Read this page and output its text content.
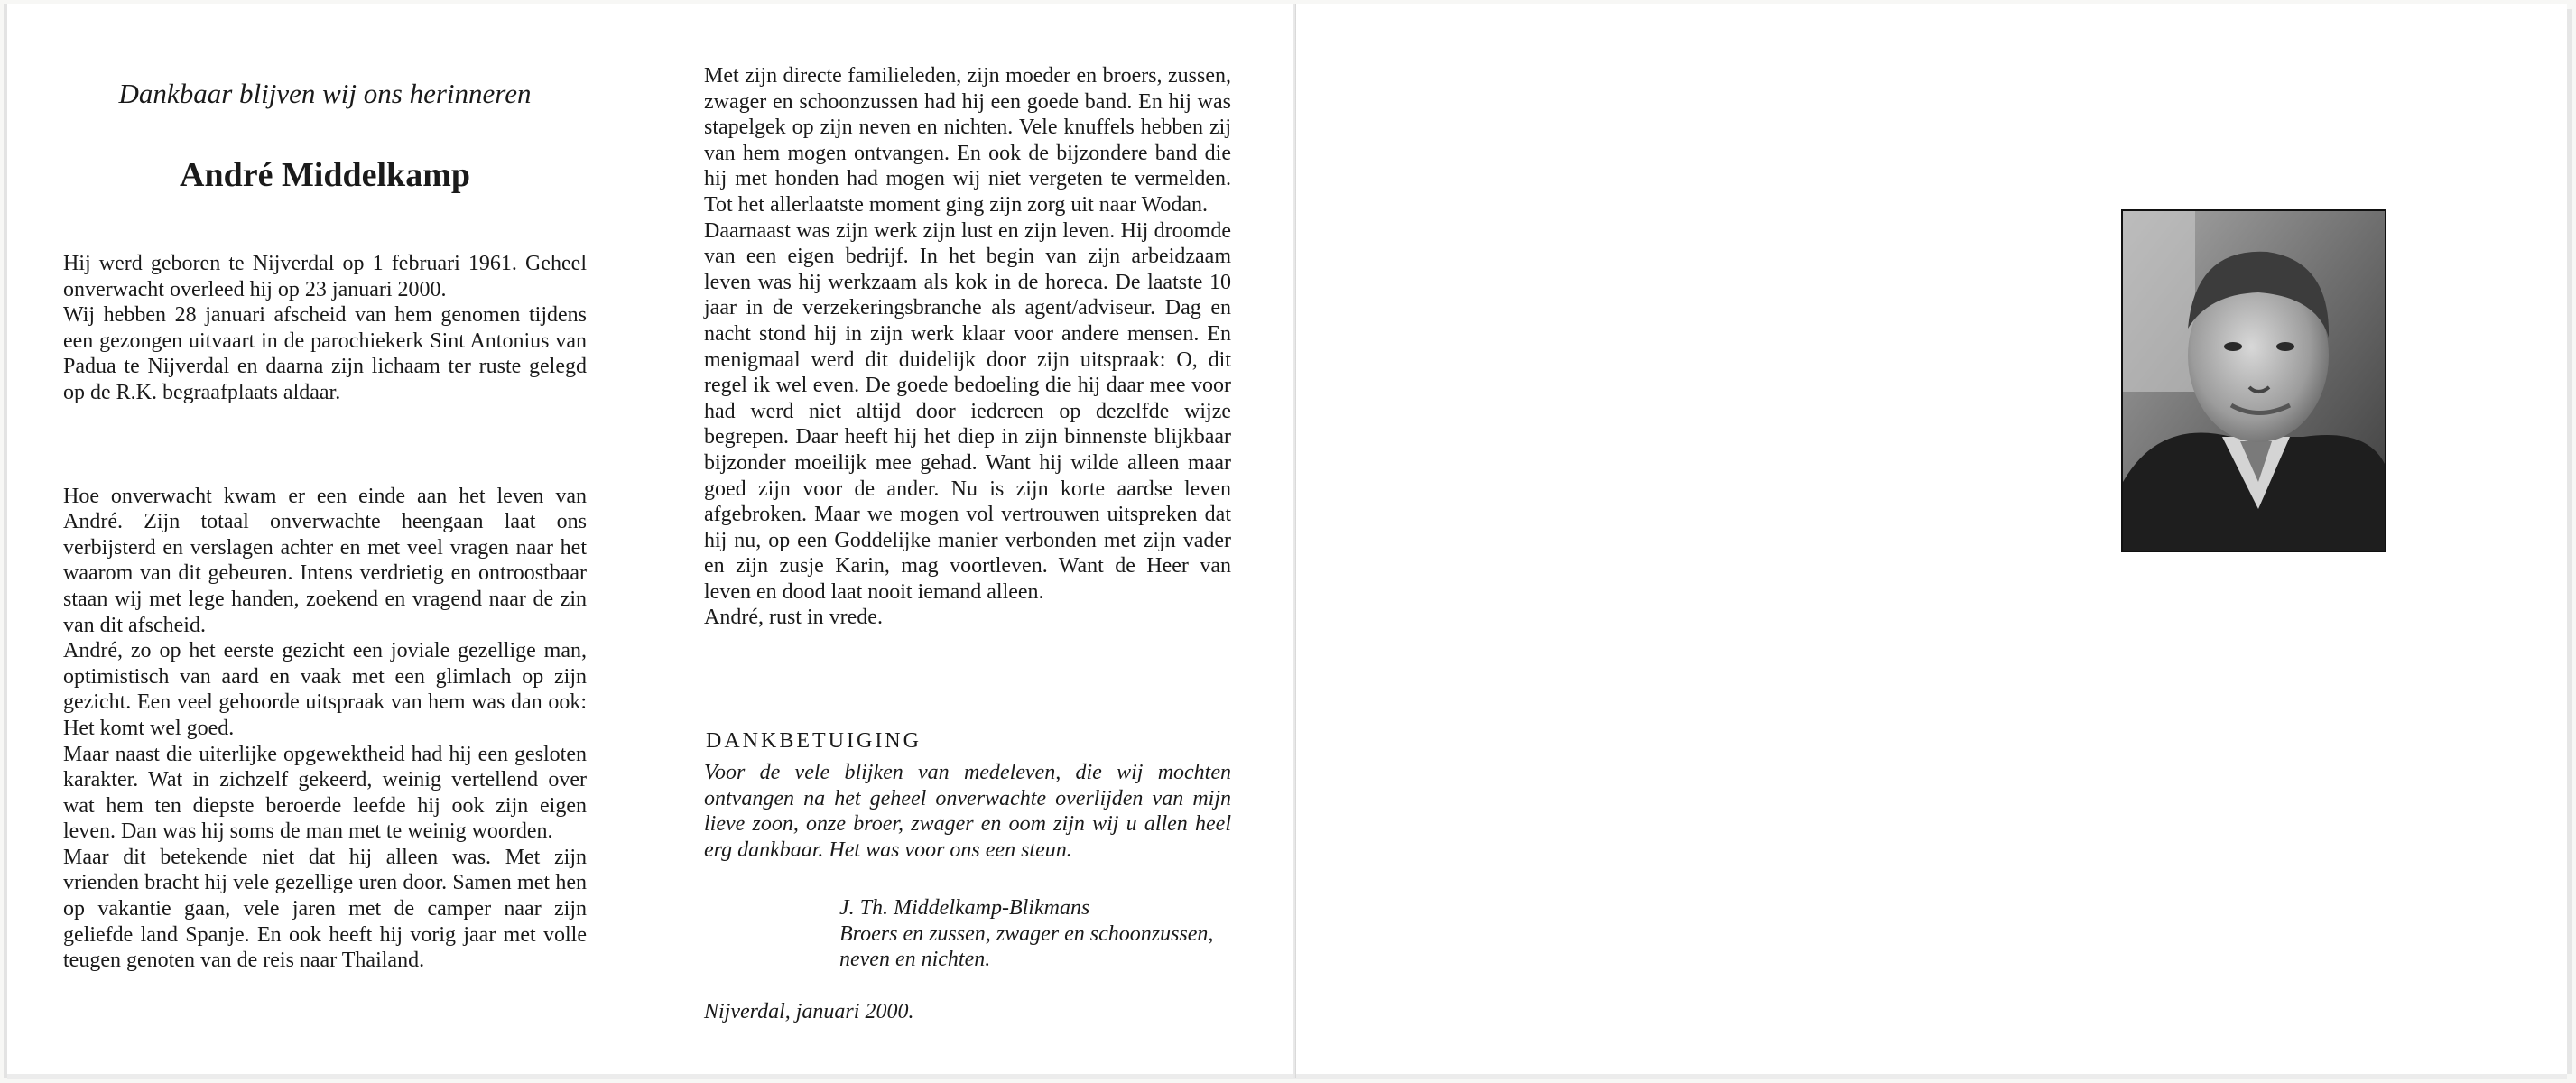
Dankbaar blijven wij ons herinneren
André Middelkamp

Hij werd geboren te Nijverdal op 1 februari 1961. Geheel onverwacht overleed hij op 23 januari 2000.

Wij hebben 28 januari afscheid van hem genomen tijdens een gezongen uitvaart in de parochiekerk Sint Antonius van Padua te Nijverdal en daarna zijn lichaam ter ruste gelegd op de R.K. begraafplaats aldaar.

Hoe onverwacht kwam er een einde aan het leven van André. Zijn totaal onverwachte heengaan laat ons verbijsterd en verslagen achter en met veel vragen naar het waarom van dit gebeuren. Intens verdrietig en ontroostbaar staan wij met lege handen, zoekend en vragend naar de zin van dit afscheid.

André, zo op het eerste gezicht een joviale gezellige man, optimistisch van aard en vaak met een glimlach op zijn gezicht. Een veel gehoorde uitspraak van hem was dan ook: Het komt wel goed.

Maar naast die uiterlijke opgewektheid had hij een gesloten karakter. Wat in zichzelf gekeerd, weinig vertellend over wat hem ten diepste beroerde leefde hij ook zijn eigen leven. Dan was hij soms de man met te weinig woorden.

Maar dit betekende niet dat hij alleen was. Met zijn vrienden bracht hij vele gezellige uren door. Samen met hen op vakantie gaan, vele jaren met de camper naar zijn geliefde land Spanje. En ook heeft hij vorig jaar met volle teugen genoten van de reis naar Thailand.

Met zijn directe familieleden, zijn moeder en broers, zussen, zwager en schoonzussen had hij een goede band. En hij was stapelgek op zijn neven en nichten. Vele knuffels hebben zij van hem mogen ontvangen. En ook de bijzondere band die hij met honden had mogen wij niet vergeten te vermelden. Tot het allerlaatste moment ging zijn zorg uit naar Wodan.

Daarnaast was zijn werk zijn lust en zijn leven. Hij droomde van een eigen bedrijf. In het begin van zijn arbeidzaam leven was hij werkzaam als kok in de horeca. De laatste 10 jaar in de verzekeringsbranche als agent/adviseur. Dag en nacht stond hij in zijn werk klaar voor andere mensen. En menigmaal werd dit duidelijk door zijn uitspraak: O, dit regel ik wel even. De goede bedoeling die hij daar mee voor had werd niet altijd door iedereen op dezelfde wijze begrepen. Daar heeft hij het diep in zijn binnenste blijkbaar bijzonder moeilijk mee gehad. Want hij wilde alleen maar goed zijn voor de ander. Nu is zijn korte aardse leven afgebroken. Maar we mogen vol vertrouwen uitspreken dat hij nu, op een Goddelijke manier verbonden met zijn vader en zijn zusje Karin, mag voortleven. Want de Heer van leven en dood laat nooit iemand alleen.

André, rust in vrede.

DANKBETUIGING
Voor de vele blijken van medeleven, die wij mochten ontvangen na het geheel onverwachte overlijden van mijn lieve zoon, onze broer, zwager en oom zijn wij u allen heel erg dankbaar. Het was voor ons een steun.
J. Th. Middelkamp-Blikmans
Broers en zussen, zwager en schoonzussen,
neven en nichten.
Nijverdal, januari 2000.
